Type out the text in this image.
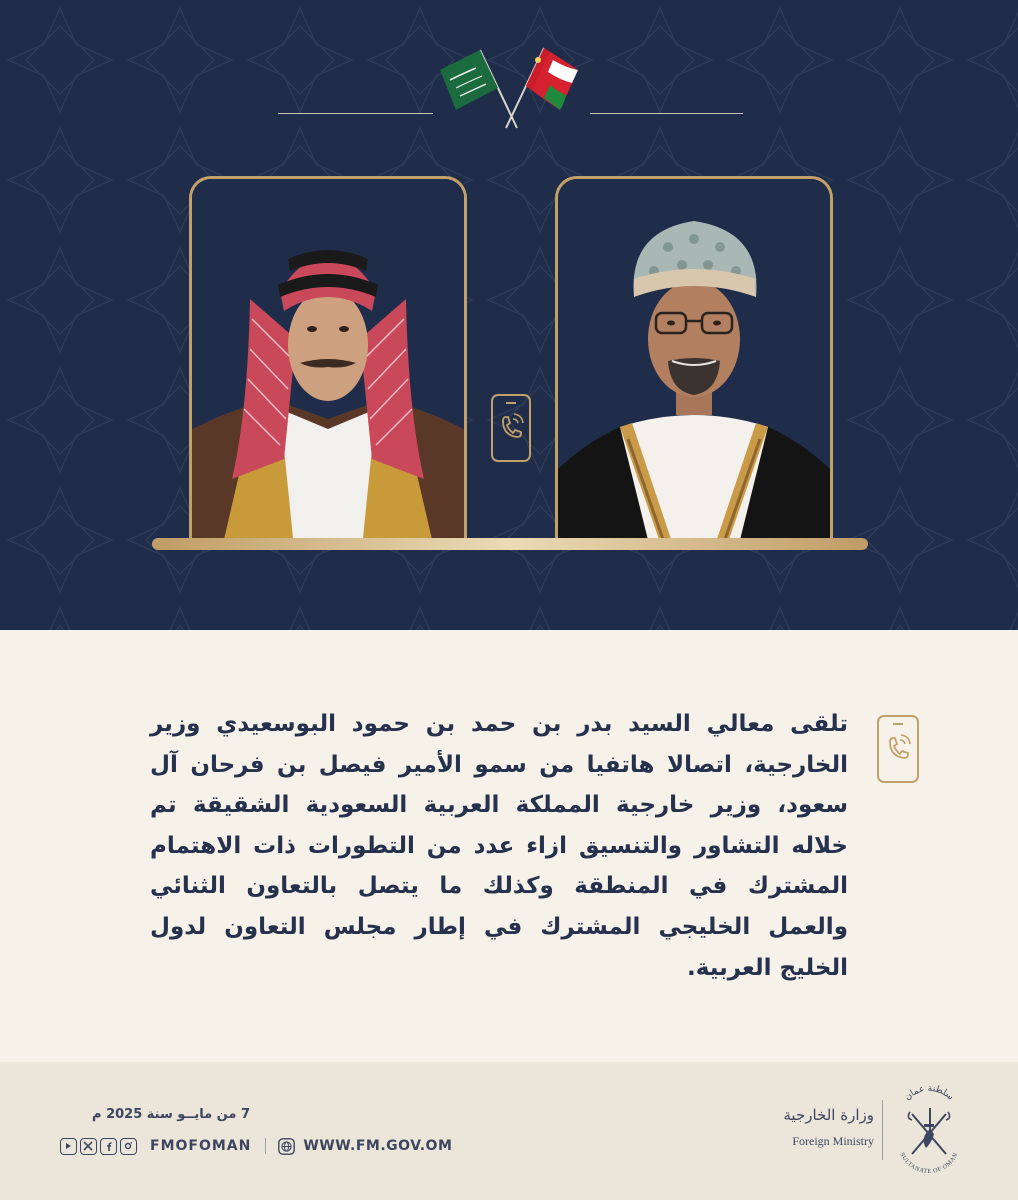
تلقى معالي السيد بدر بن حمد بن حمود البوسعيدي وزير الخارجية، اتصالا هاتفيا من سمو الأمير فيصل بن فرحان آل سعود، وزير خارجية المملكة العربية السعودية الشقيقة تم خلاله التشاور والتنسيق ازاء عدد من التطورات ذات الاهتمام المشترك في المنطقة وكذلك ما يتصل بالتعاون الثنائي والعمل الخليجي المشترك في إطار مجلس التعاون لدول الخليج العربية.

7 من مايــو سنة 2025 م
FMOFOMAN	WWW.FM.GOV.OM
وزارة الخارجية
Foreign Ministry
سلطنة عمان
SULTANATE OF OMAN
